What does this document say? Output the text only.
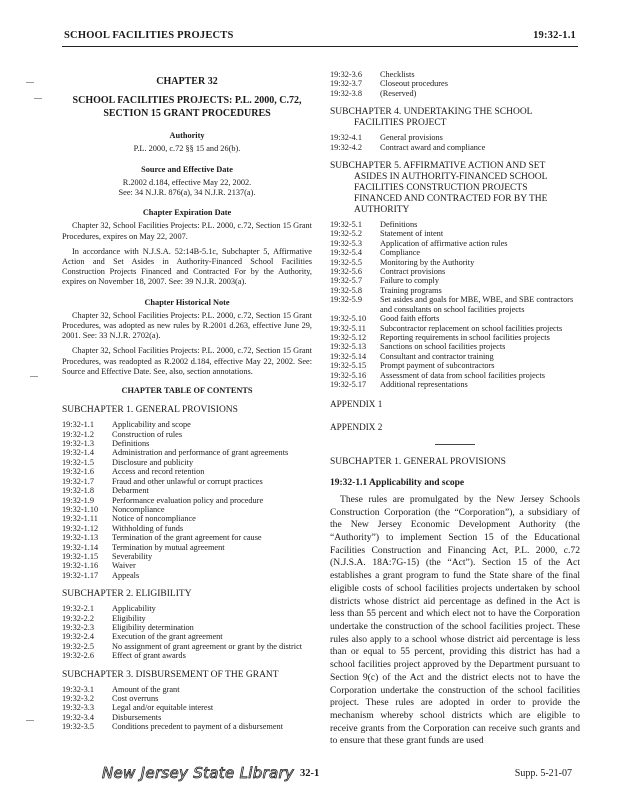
SCHOOL FACILITIES PROJECTS	19:32-1.1
CHAPTER 32
SCHOOL FACILITIES PROJECTS: P.L. 2000, C.72,
SECTION 15 GRANT PROCEDURES
Authority
P.L. 2000, c.72 §§ 15 and 26(b).
Source and Effective Date
R.2002 d.184, effective May 22, 2002.
See: 34 N.J.R. 876(a), 34 N.J.R. 2137(a).
Chapter Expiration Date

Chapter 32, School Facilities Projects: P.L. 2000, c.72, Section 15 Grant Procedures, expires on May 22, 2007.

In accordance with N.J.S.A. 52:14B-5.1c, Subchapter 5, Affirmative Action and Set Asides in Authority-Financed School Facilities Construction Projects Financed and Contracted For by the Authority, expires on November 18, 2007. See: 39 N.J.R. 2003(a).

Chapter Historical Note

Chapter 32, School Facilities Projects: P.L. 2000, c.72, Section 15 Grant Procedures, was adopted as new rules by R.2001 d.263, effective June 29, 2001. See: 33 N.J.R. 2702(a).

Chapter 32, School Facilities Projects: P.L. 2000, c.72, Section 15 Grant Procedures, was readopted as R.2002 d.184, effective May 22, 2002. See: Source and Effective Date. See, also, section annotations.

CHAPTER TABLE OF CONTENTS
SUBCHAPTER 1. GENERAL PROVISIONS
19:32-1.1	Applicability and scope
19:32-1.2	Construction of rules
19:32-1.3	Definitions
19:32-1.4	Administration and performance of grant agreements
19:32-1.5	Disclosure and publicity
19:32-1.6	Access and record retention
19:32-1.7	Fraud and other unlawful or corrupt practices
19:32-1.8	Debarment
19:32-1.9	Performance evaluation policy and procedure
19:32-1.10	Noncompliance
19:32-1.11	Notice of noncompliance
19:32-1.12	Withholding of funds
19:32-1.13	Termination of the grant agreement for cause
19:32-1.14	Termination by mutual agreement
19:32-1.15	Severability
19:32-1.16	Waiver
19:32-1.17	Appeals
SUBCHAPTER 2. ELIGIBILITY
19:32-2.1	Applicability
19:32-2.2	Eligibility
19:32-2.3	Eligibility determination
19:32-2.4	Execution of the grant agreement
19:32-2.5	No assignment of grant agreement or grant by the district
19:32-2.6	Effect of grant awards
SUBCHAPTER 3. DISBURSEMENT OF THE GRANT
19:32-3.1	Amount of the grant
19:32-3.2	Cost overruns
19:32-3.3	Legal and/or equitable interest
19:32-3.4	Disbursements
19:32-3.5	Conditions precedent to payment of a disbursement
19:32-3.6	Checklists
19:32-3.7	Closeout procedures
19:32-3.8	(Reserved)
SUBCHAPTER 4. UNDERTAKING THE SCHOOL
FACILITIES PROJECT
19:32-4.1	General provisions
19:32-4.2	Contract award and compliance
SUBCHAPTER 5. AFFIRMATIVE ACTION AND SET
ASIDES IN AUTHORITY-FINANCED SCHOOL
FACILITIES CONSTRUCTION PROJECTS
FINANCED AND CONTRACTED FOR BY THE
AUTHORITY
19:32-5.1	Definitions
19:32-5.2	Statement of intent
19:32-5.3	Application of affirmative action rules
19:32-5.4	Compliance
19:32-5.5	Monitoring by the Authority
19:32-5.6	Contract provisions
19:32-5.7	Failure to comply
19:32-5.8	Training programs
19:32-5.9	Set asides and goals for MBE, WBE, and SBE contractors and consultants on school facilities projects
19:32-5.10	Good faith efforts
19:32-5.11	Subcontractor replacement on school facilities projects
19:32-5.12	Reporting requirements in school facilities projects
19:32-5.13	Sanctions on school facilities projects
19:32-5.14	Consultant and contractor training
19:32-5.15	Prompt payment of subcontractors
19:32-5.16	Assessment of data from school facilities projects
19:32-5.17	Additional representations
APPENDIX 1
APPENDIX 2
SUBCHAPTER 1. GENERAL PROVISIONS
19:32-1.1 Applicability and scope

These rules are promulgated by the New Jersey Schools Construction Corporation (the “Corporation”), a subsidiary of the New Jersey Economic Development Authority (the “Authority”) to implement Section 15 of the Educational Facilities Construction and Financing Act, P.L. 2000, c.72 (N.J.S.A. 18A:7G-15) (the “Act”). Section 15 of the Act establishes a grant program to fund the State share of the final eligible costs of school facilities projects undertaken by school districts whose district aid percentage as defined in the Act is less than 55 percent and which elect not to have the Corporation undertake the construction of the school facilities project. These rules also apply to a school whose district aid percentage is less than or equal to 55 percent, providing this district has had a school facilities project approved by the Department pursuant to Section 9(c) of the Act and the district elects not to have the Corporation undertake the construction of the school facilities project. These rules are adopted in order to provide the mechanism whereby school districts which are eligible to receive grants from the Corporation can receive such grants and to ensure that these grant funds are used

New Jersey State Library 32-1	Supp. 5-21-07
